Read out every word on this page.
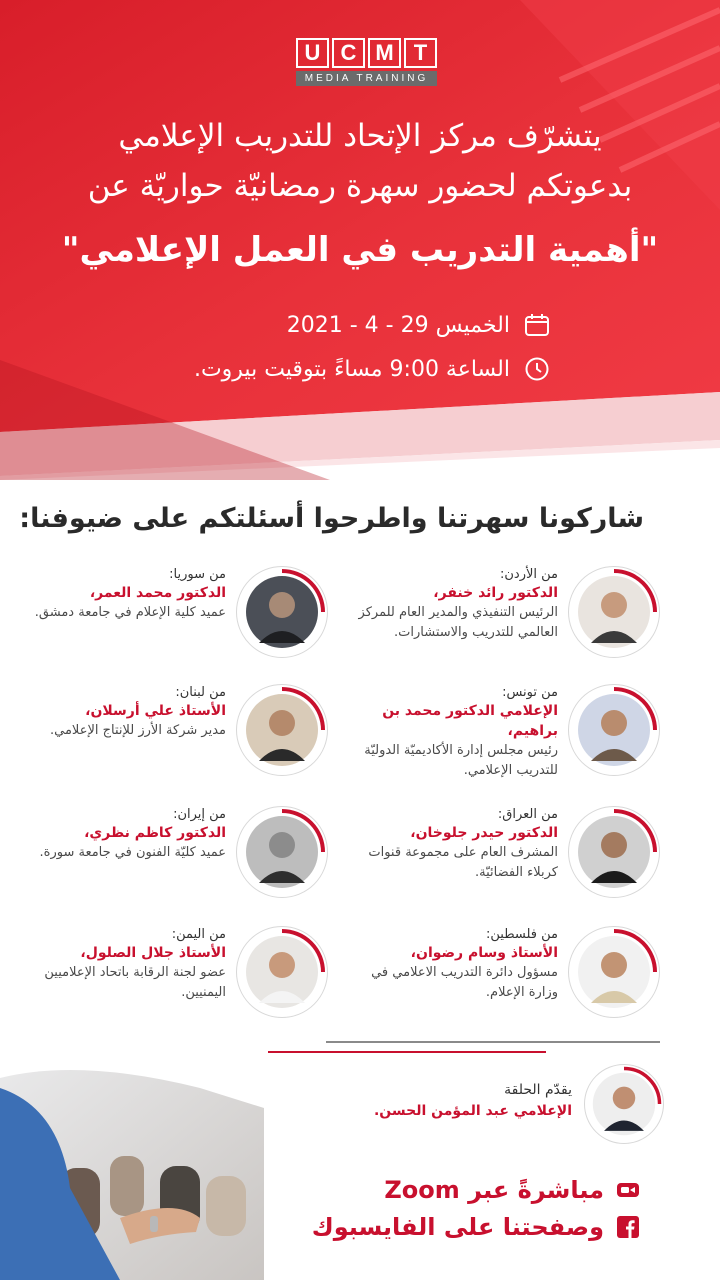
U C M T
MEDIA TRAINING
يتشرّف مركز الإتحاد للتدريب الإعلامي
بدعوتكم لحضور سهرة رمضانيّة حواريّة عن
"أهمية التدريب في العمل الإعلامي"
الخميس 29 - 4 - 2021
الساعة 9:00 مساءً بتوقيت بيروت.
شاركونا سهرتنا واطرحوا أسئلتكم على ضيوفنا:
من الأردن:
الدكتور رائد خنفر،
الرئيس التنفيذي والمدير العام للمركز العالمي للتدريب والاستشارات.
من سوريا:
الدكتور محمد العمر،
عميد كلية الإعلام في جامعة دمشق.
من تونس:
الإعلامي الدكتور محمد بن براهيم،
رئيس مجلس إدارة الأكاديميّة الدوليّة للتدريب الإعلامي.
من لبنان:
الأستاذ علي أرسلان،
مدير شركة الأرز للإنتاج الإعلامي.
من العراق:
الدكتور حيدر جلوخان،
المشرف العام على مجموعة قنوات كربلاء الفضائيّة.
من إيران:
الدكتور كاظم نظري،
عميد كليّة الفنون في جامعة سورة.
من فلسطين:
الأستاذ وسام رضوان،
مسؤول دائرة التدريب الاعلامي في وزارة الإعلام.
من اليمن:
الأستاذ جلال الصلول،
عضو لجنة الرقابة باتحاد الإعلاميين اليمنيين.
يقدّم الحلقة
الإعلامي عبد المؤمن الحسن.
مباشرةً عبر Zoom
وصفحتنا على الفايسبوك
